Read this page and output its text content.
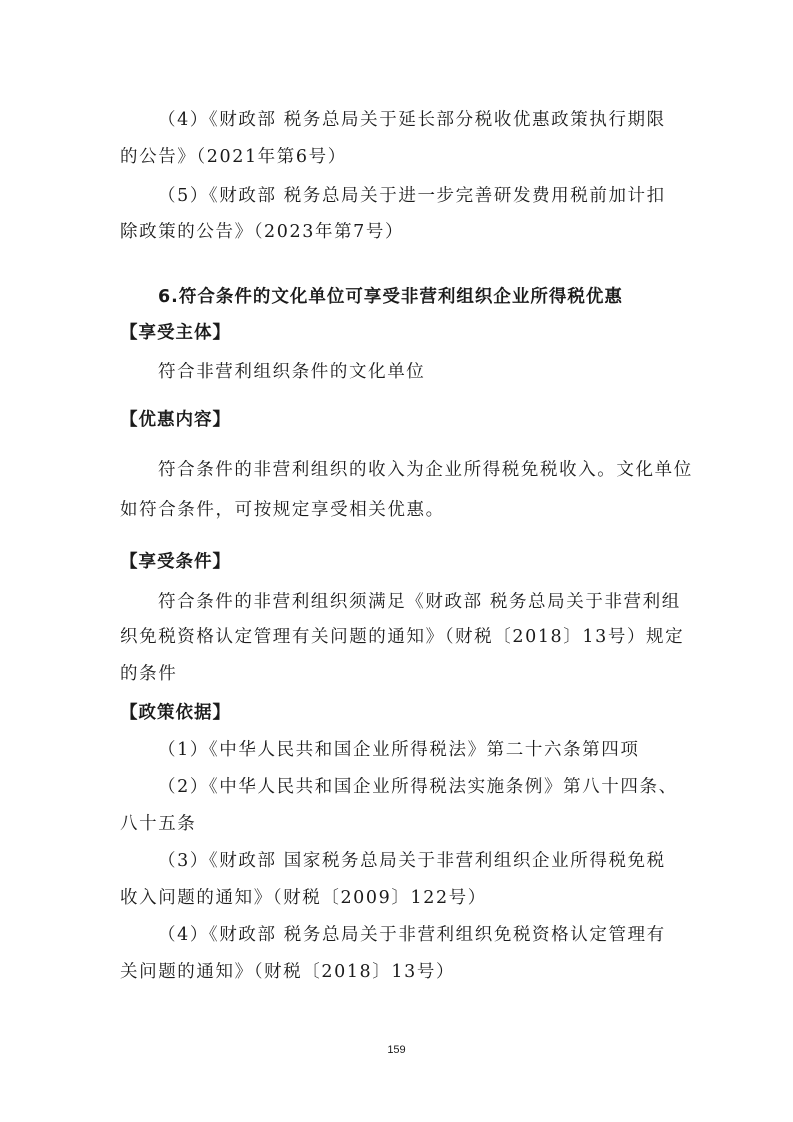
（4）《财政部 税务总局关于延长部分税收优惠政策执行期限
的公告》（2021年第6号）
（5）《财政部 税务总局关于进一步完善研发费用税前加计扣
除政策的公告》（2023年第7号）
6.符合条件的文化单位可享受非营利组织企业所得税优惠
【享受主体】
符合非营利组织条件的文化单位
【优惠内容】
符合条件的非营利组织的收入为企业所得税免税收入。文化单位
如符合条件，可按规定享受相关优惠。
【享受条件】
符合条件的非营利组织须满足《财政部 税务总局关于非营利组
织免税资格认定管理有关问题的通知》（财税〔2018〕13号）规定
的条件
【政策依据】
（1）《中华人民共和国企业所得税法》第二十六条第四项
（2）《中华人民共和国企业所得税法实施条例》第八十四条、
八十五条
（3）《财政部 国家税务总局关于非营利组织企业所得税免税
收入问题的通知》（财税〔2009〕122号）
（4）《财政部 税务总局关于非营利组织免税资格认定管理有
关问题的通知》（财税〔2018〕13号）
159
